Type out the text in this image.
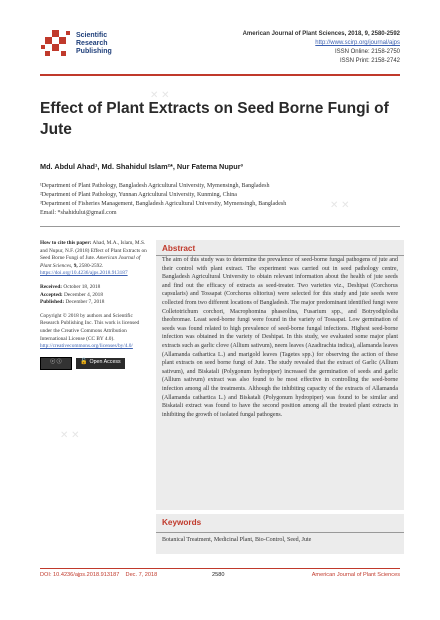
Scientific
Research
Publishing
American Journal of Plant Sciences, 2018, 9, 2580-2592
http://www.scirp.org/journal/ajps
ISSN Online: 2158-2750
ISSN Print: 2158-2742
✕ ✕
✕ ✕
✕ ✕
Effect of Plant Extracts on Seed Borne Fungi of Jute
Md. Abdul Ahad¹, Md. Shahidul Islam²*, Nur Fatema Nupur³
¹Department of Plant Pathology, Bangladesh Agricultural University, Mymensingh, Bangladesh
²Department of Plant Pathology, Yunnan Agricultural University, Kunming, China
³Department of Fisheries Management, Bangladesh Agricultural University, Mymensingh, Bangladesh
Email: *shahidului@gmail.com

How to cite this paper: Ahad, M.A., Islam, M.S. and Nupur, N.F. (2018) Effect of Plant Extracts on Seed Borne Fungi of Jute. American Journal of Plant Sciences, 9, 2580-2592.
https://doi.org/10.4236/ajps.2018.913187

Received: October 18, 2018
Accepted: December 4, 2018
Published: December 7, 2018

Copyright © 2018 by authors and Scientific Research Publishing Inc. This work is licensed under the Creative Commons Attribution International License (CC BY 4.0).
http://creativecommons.org/licenses/by/4.0/

ⓒ ⓘ	🔓 Open Access
Abstract
The aim of this study was to determine the prevalence of seed-borne fungal pathogens of jute and their control with plant extract. The experiment was carried out in seed pathology centre, Bangladesh Agricultural University to obtain relevant information about the health of jute seeds and find out the efficacy of extracts as seed-treater. Two varieties viz., Deshipat (Corchorus capsularis) and Tossapat (Corchorus olitorius) were selected for this study and jute seeds were collected from two different locations of Bangladesh. The major predominant identified fungi were Colletotrichum corchori, Macrophomina phaseolina, Fusarium spp., and Botryodiplodia theobromae. Least seed-borne fungi were found in the variety of Tossapat. Low germination of seeds was found related to high prevalence of seed-borne fungal infections. Highest seed-borne infection was obtained in the variety of Deshipat. In this study, we evaluated some major plant extracts such as garlic clove (Allium sativum), neem leaves (Azadirachta indica), allamanda leaves (Allamanda cathartica L.) and marigold leaves (Tagetes spp.) for observing the action of these plant extracts on seed borne fungi of Jute. The study revealed that the extract of Garlic (Allium sativum), and Biskatali (Polygonum hydropiper) increased the germination of seeds and garlic (Allium sativum) extract was also found to be most effective in controlling the seed-borne infection among all the treatments. Although the inhibiting capacity of the extracts of Allamanda (Allamanda cathartica L.) and Biskatali (Polygonum hydropiper) was found to be similar and Biskatali extract was found to have the second position among all the treated plant extracts in inhibiting the growth of isolated fungal pathogens.
Keywords
Botanical Treatment, Medicinal Plant, Bio-Control, Seed, Jute
DOI: 10.4236/ajps.2018.913187 Dec. 7, 2018	2580	American Journal of Plant Sciences
